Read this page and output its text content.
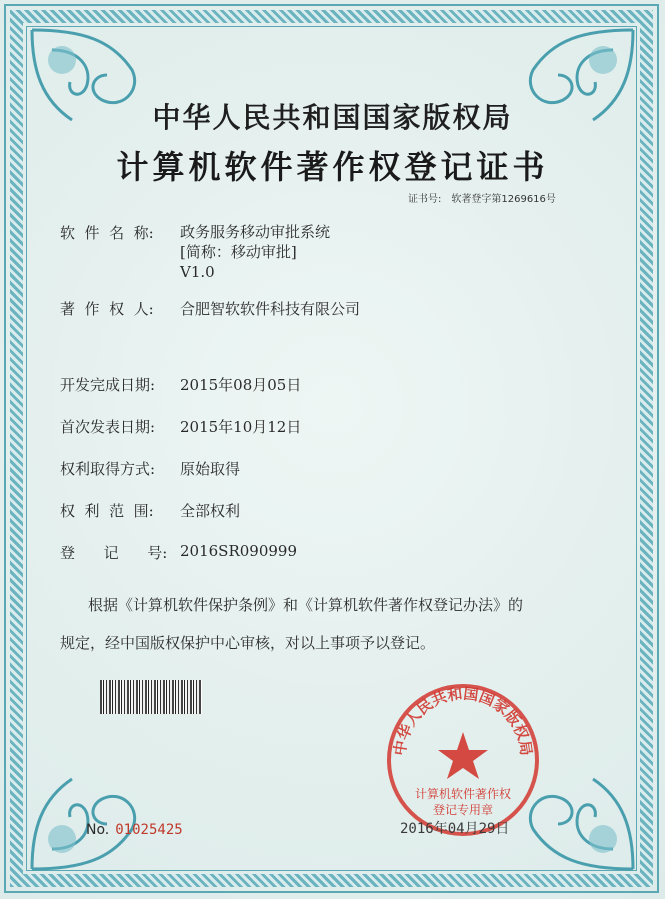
中华人民共和国国家版权局
计算机软件著作权登记证书
证书号: 软著登字第1269616号
软  件  名  称:	政务服务移动审批系统
[简称：移动审批]
V1.0
著  作  权  人:	合肥智软软件科技有限公司
开发完成日期:	2015年08月05日
首次发表日期:	2015年10月12日
权利取得方式:	原始取得
权  利  范  围:	全部权利
登      记      号: 2016SR090999
根据《计算机软件保护条例》和《计算机软件著作权登记办法》的
规定，经中国版权保护中心审核，对以上事项予以登记。
中华人民共和国国家版权局
计算机软件著作权
登记专用章
2016年04月29日
No. 01025425
